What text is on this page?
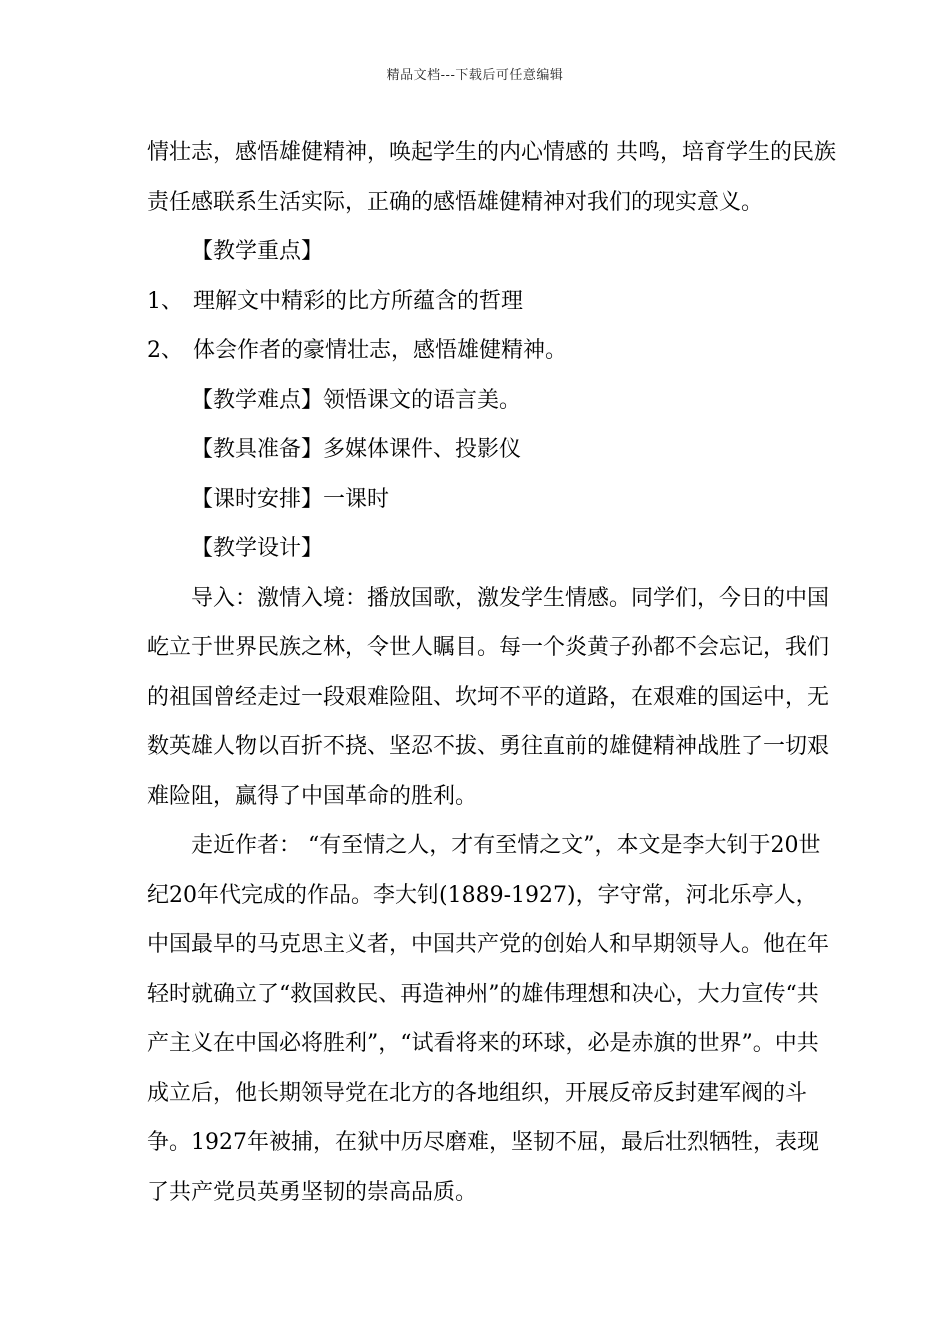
精品文档---下载后可任意编辑

情壮志，感悟雄健精神，唤起学生的内心情感的 共鸣，培育学生的民族责任感联系生活实际，正确的感悟雄健精神对我们的现实意义。

【教学重点】

1、 理解文中精彩的比方所蕴含的哲理

2、 体会作者的豪情壮志，感悟雄健精神。

【教学难点】领悟课文的语言美。

【教具准备】多媒体课件、投影仪

【课时安排】一课时

【教学设计】

导入：激情入境：播放国歌，激发学生情感。同学们，今日的中国屹立于世界民族之林，令世人瞩目。每一个炎黄子孙都不会忘记，我们的祖国曾经走过一段艰难险阻、坎坷不平的道路，在艰难的国运中，无数英雄人物以百折不挠、坚忍不拔、勇往直前的雄健精神战胜了一切艰难险阻，赢得了中国革命的胜利。

走近作者： “有至情之人，才有至情之文”，本文是李大钊于20世纪20年代完成的作品。李大钊(1889-1927)，字守常，河北乐亭人，中国最早的马克思主义者，中国共产党的创始人和早期领导人。他在年轻时就确立了“救国救民、再造神州”的雄伟理想和决心，大力宣传“共产主义在中国必将胜利”，“试看将来的环球，必是赤旗的世界”。中共成立后，他长期领导党在北方的各地组织，开展反帝反封建军阀的斗争。1927年被捕，在狱中历尽磨难，坚韧不屈，最后壮烈牺牲，表现了共产党员英勇坚韧的崇高品质。
